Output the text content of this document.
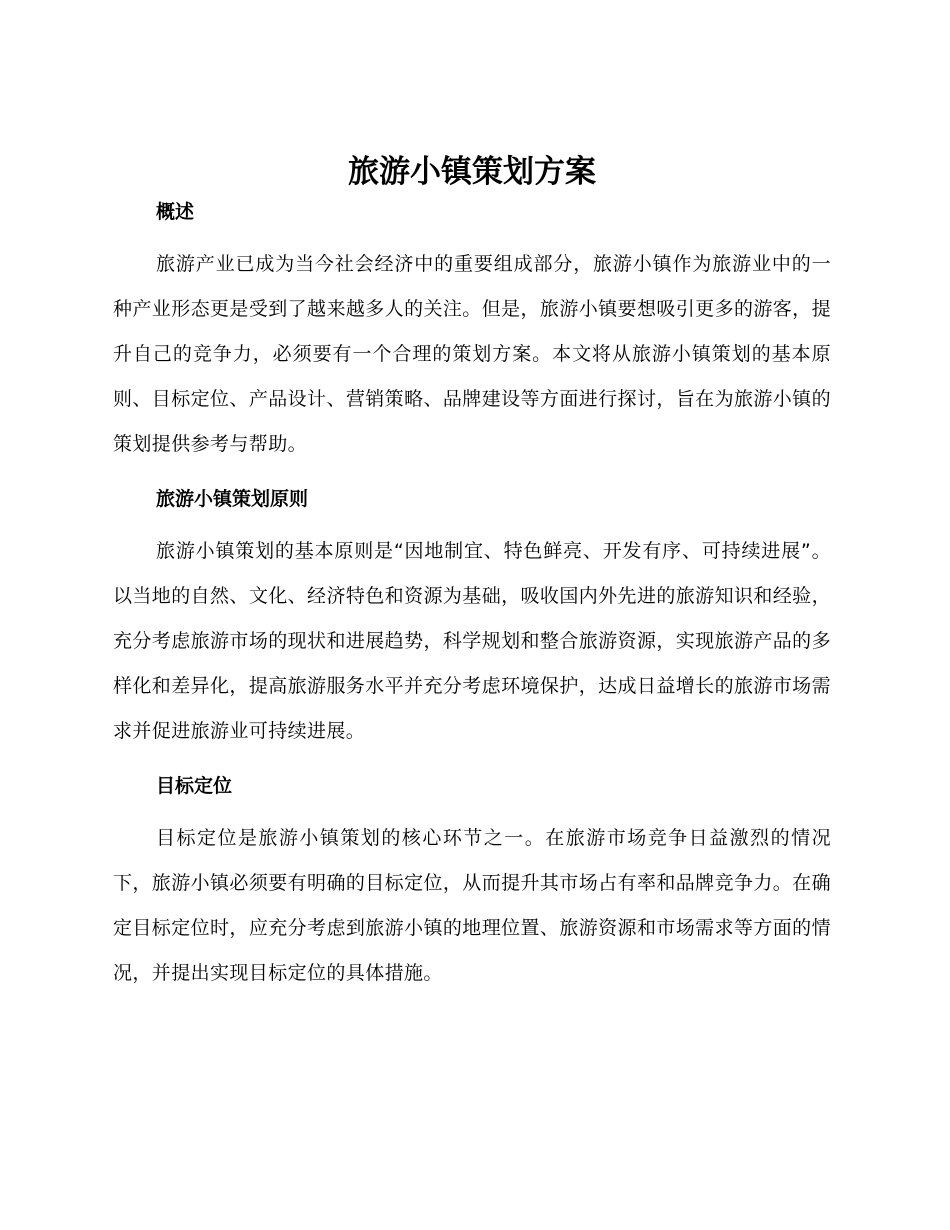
旅游小镇策划方案
概述

旅游产业已成为当今社会经济中的重要组成部分，旅游小镇作为旅游业中的一种产业形态更是受到了越来越多人的关注。但是，旅游小镇要想吸引更多的游客，提升自己的竞争力，必须要有一个合理的策划方案。本文将从旅游小镇策划的基本原则、目标定位、产品设计、营销策略、品牌建设等方面进行探讨，旨在为旅游小镇的策划提供参考与帮助。

旅游小镇策划原则

旅游小镇策划的基本原则是“因地制宜、特色鲜亮、开发有序、可持续进展”。以当地的自然、文化、经济特色和资源为基础，吸收国内外先进的旅游知识和经验，充分考虑旅游市场的现状和进展趋势，科学规划和整合旅游资源，实现旅游产品的多样化和差异化，提高旅游服务水平并充分考虑环境保护，达成日益增长的旅游市场需求并促进旅游业可持续进展。

目标定位

目标定位是旅游小镇策划的核心环节之一。在旅游市场竞争日益激烈的情况下，旅游小镇必须要有明确的目标定位，从而提升其市场占有率和品牌竞争力。在确定目标定位时，应充分考虑到旅游小镇的地理位置、旅游资源和市场需求等方面的情况，并提出实现目标定位的具体措施。
